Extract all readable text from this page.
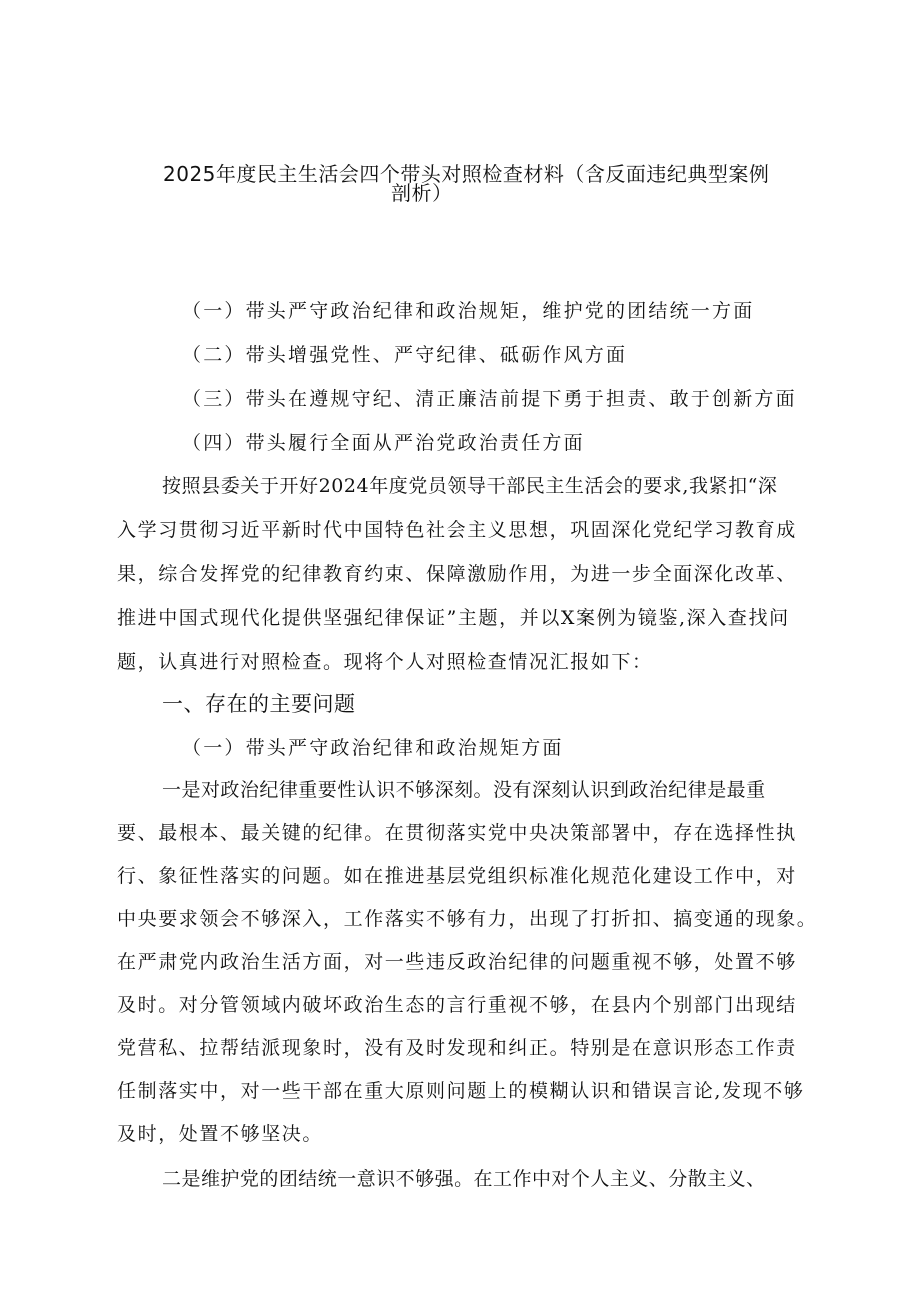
2025年度民主生活会四个带头对照检查材料（含反面违纪典型案例
剖析）
（一）带头严守政治纪律和政治规矩，维护党的团结统一方面
（二）带头增强党性、严守纪律、砥砺作风方面
（三）带头在遵规守纪、清正廉洁前提下勇于担责、敢于创新方面
（四）带头履行全面从严治党政治责任方面
按照县委关于开好2024年度党员领导干部民主生活会的要求,我紧扣“深
入学习贯彻习近平新时代中国特色社会主义思想，巩固深化党纪学习教育成
果，综合发挥党的纪律教育约束、保障激励作用，为进一步全面深化改革、
推进中国式现代化提供坚强纪律保证”主题，并以X案例为镜鉴,深入查找问
题，认真进行对照检查。现将个人对照检查情况汇报如下：
一、存在的主要问题
（一）带头严守政治纪律和政治规矩方面
一是对政治纪律重要性认识不够深刻。没有深刻认识到政治纪律是最重
要、最根本、最关键的纪律。在贯彻落实党中央决策部署中，存在选择性执
行、象征性落实的问题。如在推进基层党组织标准化规范化建设工作中，对
中央要求领会不够深入，工作落实不够有力，出现了打折扣、搞变通的现象。
在严肃党内政治生活方面，对一些违反政治纪律的问题重视不够，处置不够
及时。对分管领域内破坏政治生态的言行重视不够，在县内个别部门出现结
党营私、拉帮结派现象时，没有及时发现和纠正。特别是在意识形态工作责
任制落实中，对一些干部在重大原则问题上的模糊认识和错误言论,发现不够
及时，处置不够坚决。
二是维护党的团结统一意识不够强。在工作中对个人主义、分散主义、
